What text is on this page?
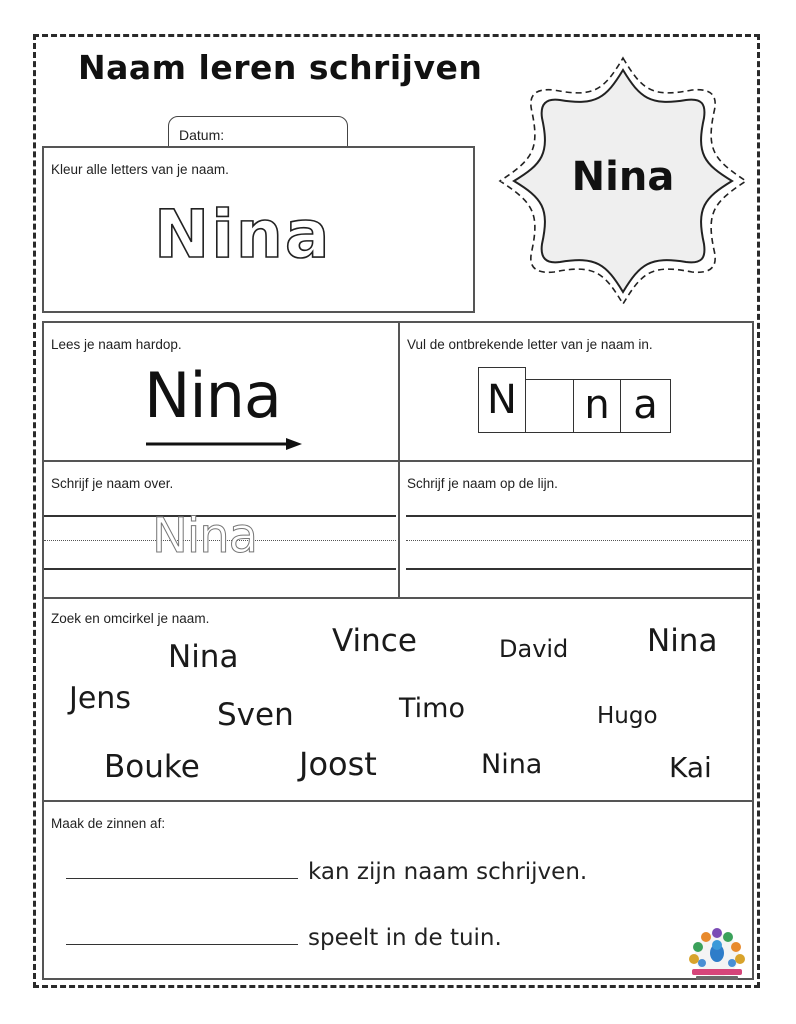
Naam leren schrijven
Nina
Datum:
Kleur alle letters van je naam.
Nina
Lees je naam hardop.
Nina
Vul de ontbrekende letter van je naam in.
N n a
Schrijf je naam over.
Nina
Schrijf je naam op de lijn.
Zoek en omcirkel je naam.
Nina	Vince	David	Nina
Jens	Sven	Timo	Hugo
Bouke	Joost	Nina	Kai
Maak de zinnen af:
kan zijn naam schrijven.
speelt in de tuin.
